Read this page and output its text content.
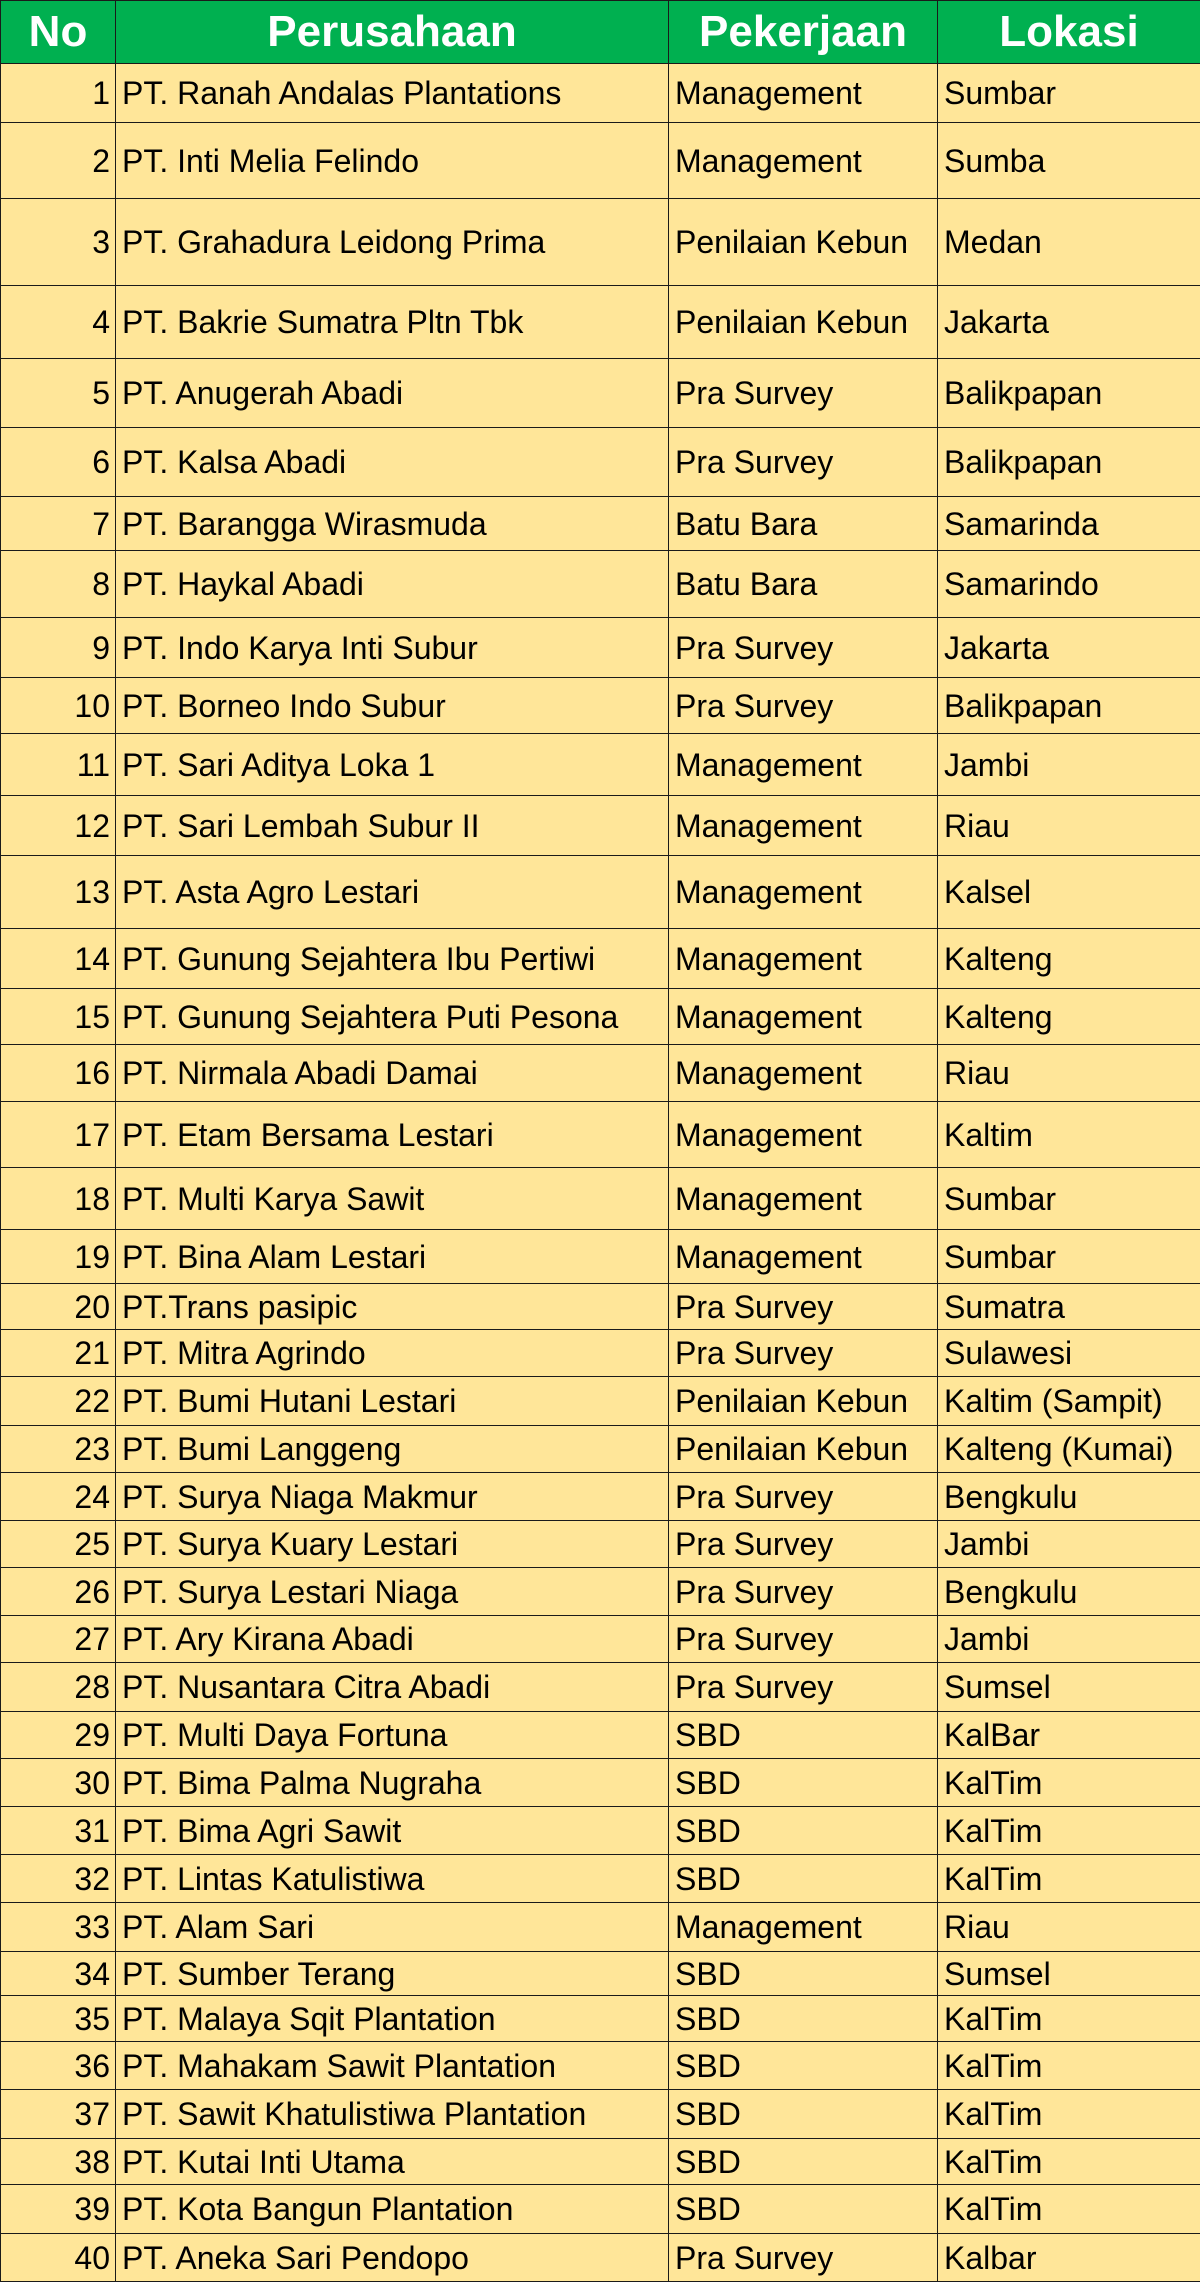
No	Perusahaan	Pekerjaan	Lokasi
1	PT. Ranah Andalas Plantations	Management	Sumbar
2	PT. Inti Melia Felindo	Management	Sumba
3	PT. Grahadura Leidong Prima	Penilaian Kebun	Medan
4	PT. Bakrie Sumatra Pltn Tbk	Penilaian Kebun	Jakarta
5	PT. Anugerah Abadi	Pra Survey	Balikpapan
6	PT. Kalsa Abadi	Pra Survey	Balikpapan
7	PT. Barangga Wirasmuda	Batu Bara	Samarinda
8	PT. Haykal Abadi	Batu Bara	Samarindo
9	PT. Indo Karya Inti Subur	Pra Survey	Jakarta
10	PT. Borneo Indo Subur	Pra Survey	Balikpapan
11	PT. Sari Aditya Loka 1	Management	Jambi
12	PT. Sari Lembah Subur II	Management	Riau
13	PT. Asta Agro Lestari	Management	Kalsel
14	PT. Gunung Sejahtera Ibu Pertiwi	Management	Kalteng
15	PT. Gunung Sejahtera Puti Pesona	Management	Kalteng
16	PT. Nirmala Abadi Damai	Management	Riau
17	PT. Etam Bersama Lestari	Management	Kaltim
18	PT. Multi Karya Sawit	Management	Sumbar
19	PT. Bina Alam Lestari	Management	Sumbar
20	PT.Trans pasipic	Pra Survey	Sumatra
21	PT. Mitra Agrindo	Pra Survey	Sulawesi
22	PT. Bumi Hutani Lestari	Penilaian Kebun	Kaltim (Sampit)
23	PT. Bumi Langgeng	Penilaian Kebun	Kalteng (Kumai)
24	PT. Surya Niaga Makmur	Pra Survey	Bengkulu
25	PT. Surya Kuary Lestari	Pra Survey	Jambi
26	PT. Surya Lestari Niaga	Pra Survey	Bengkulu
27	PT. Ary Kirana Abadi	Pra Survey	Jambi
28	PT. Nusantara Citra Abadi	Pra Survey	Sumsel
29	PT. Multi Daya Fortuna	SBD	KalBar
30	PT. Bima Palma Nugraha	SBD	KalTim
31	PT. Bima Agri Sawit	SBD	KalTim
32	PT. Lintas Katulistiwa	SBD	KalTim
33	PT. Alam Sari	Management	Riau
34	PT. Sumber Terang	SBD	Sumsel
35	PT. Malaya Sqit Plantation	SBD	KalTim
36	PT. Mahakam Sawit Plantation	SBD	KalTim
37	PT. Sawit Khatulistiwa Plantation	SBD	KalTim
38	PT. Kutai Inti Utama	SBD	KalTim
39	PT. Kota Bangun Plantation	SBD	KalTim
40	PT. Aneka Sari Pendopo	Pra Survey	Kalbar
